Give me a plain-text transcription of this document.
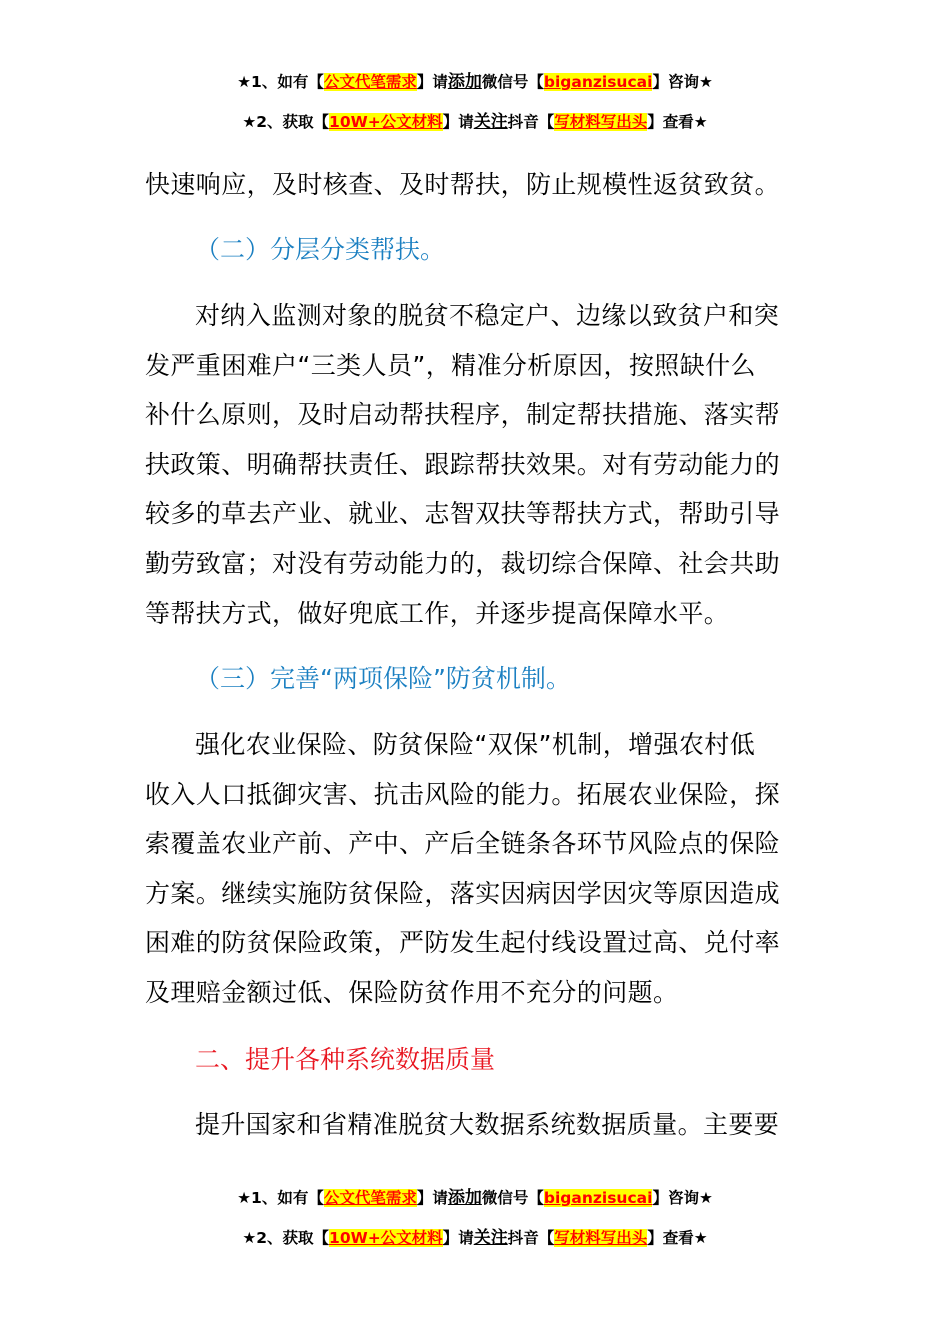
★1、如有【公文代笔需求】请添加微信号【biganzisucai】咨询★
★2、获取【10W+公文材料】请关注抖音【写材料写出头】查看★
快速响应，及时核查、及时帮扶，防止规模性返贫致贫。
（二）分层分类帮扶。
对纳入监测对象的脱贫不稳定户、边缘以致贫户和突
发严重困难户“三类人员”，精准分析原因，按照缺什么
补什么原则，及时启动帮扶程序，制定帮扶措施、落实帮
扶政策、明确帮扶责任、跟踪帮扶效果。对有劳动能力的
较多的草去产业、就业、志智双扶等帮扶方式，帮助引导
勤劳致富；对没有劳动能力的，裁切综合保障、社会共助
等帮扶方式，做好兜底工作，并逐步提高保障水平。
（三）完善“两项保险”防贫机制。
强化农业保险、防贫保险“双保”机制，增强农村低
收入人口抵御灾害、抗击风险的能力。拓展农业保险，探
索覆盖农业产前、产中、产后全链条各环节风险点的保险
方案。继续实施防贫保险，落实因病因学因灾等原因造成
困难的防贫保险政策，严防发生起付线设置过高、兑付率
及理赔金额过低、保险防贫作用不充分的问题。
二、提升各种系统数据质量
提升国家和省精准脱贫大数据系统数据质量。主要要
★1、如有【公文代笔需求】请添加微信号【biganzisucai】咨询★
★2、获取【10W+公文材料】请关注抖音【写材料写出头】查看★
